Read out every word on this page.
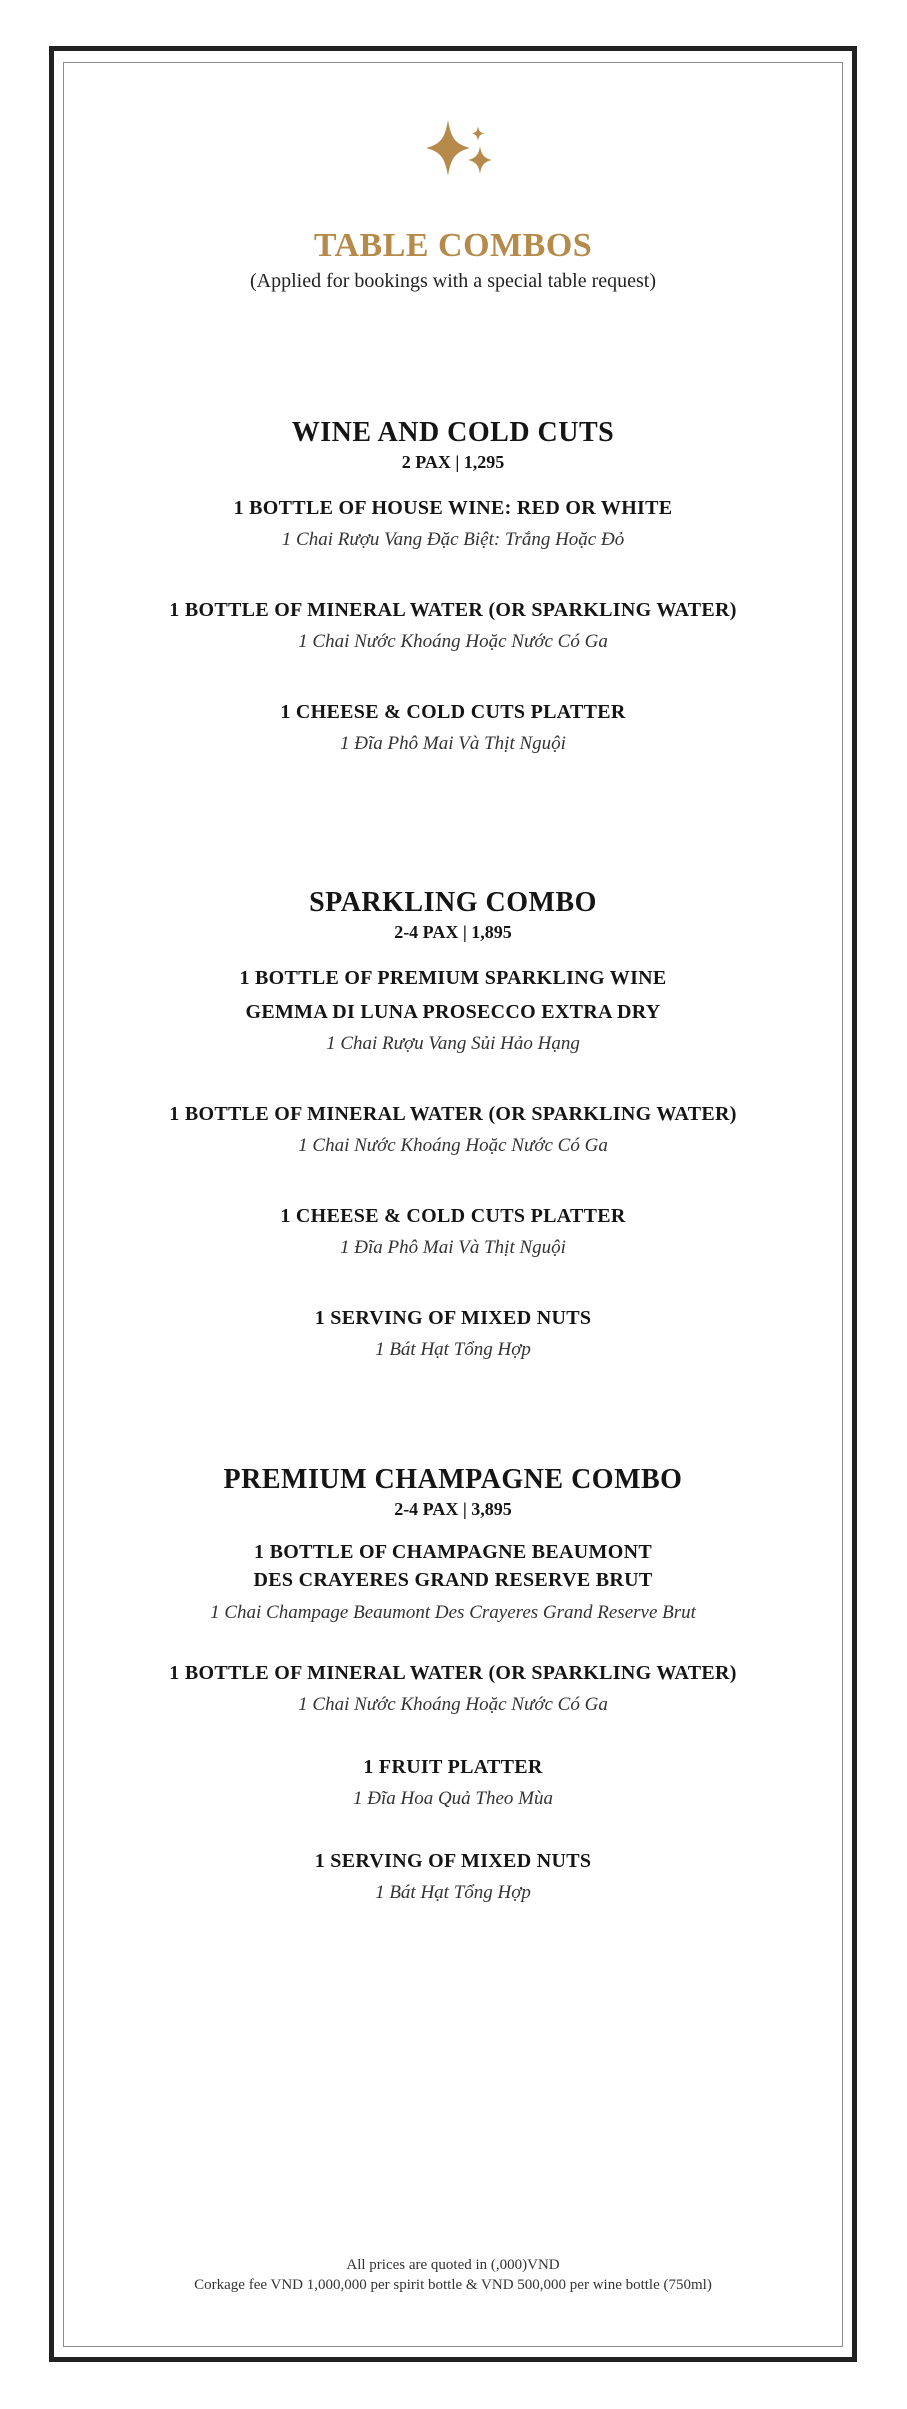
TABLE COMBOS
(Applied for bookings with a special table request)
WINE AND COLD CUTS
2 PAX | 1,295
1 BOTTLE OF HOUSE WINE: RED OR WHITE
1 Chai Rượu Vang Đặc Biệt: Trắng Hoặc Đỏ
1 BOTTLE OF MINERAL WATER (OR SPARKLING WATER)
1 Chai Nước Khoáng Hoặc Nước Có Ga
1 CHEESE & COLD CUTS PLATTER
1 Đĩa Phô Mai Và Thịt Nguội
SPARKLING COMBO
2-4 PAX | 1,895
1 BOTTLE OF PREMIUM SPARKLING WINE
GEMMA DI LUNA PROSECCO EXTRA DRY
1 Chai Rượu Vang Sủi Hảo Hạng
1 BOTTLE OF MINERAL WATER (OR SPARKLING WATER)
1 Chai Nước Khoáng Hoặc Nước Có Ga
1 CHEESE & COLD CUTS PLATTER
1 Đĩa Phô Mai Và Thịt Nguội
1 SERVING OF MIXED NUTS
1 Bát Hạt Tổng Hợp
PREMIUM CHAMPAGNE COMBO
2-4 PAX | 3,895
1 BOTTLE OF CHAMPAGNE BEAUMONT
DES CRAYERES GRAND RESERVE BRUT
1 Chai Champage Beaumont Des Crayeres Grand Reserve Brut
1 BOTTLE OF MINERAL WATER (OR SPARKLING WATER)
1 Chai Nước Khoáng Hoặc Nước Có Ga
1 FRUIT PLATTER
1 Đĩa Hoa Quả Theo Mùa
1 SERVING OF MIXED NUTS
1 Bát Hạt Tổng Hợp
All prices are quoted in (,000)VND
Corkage fee VND 1,000,000 per spirit bottle & VND 500,000 per wine bottle (750ml)
